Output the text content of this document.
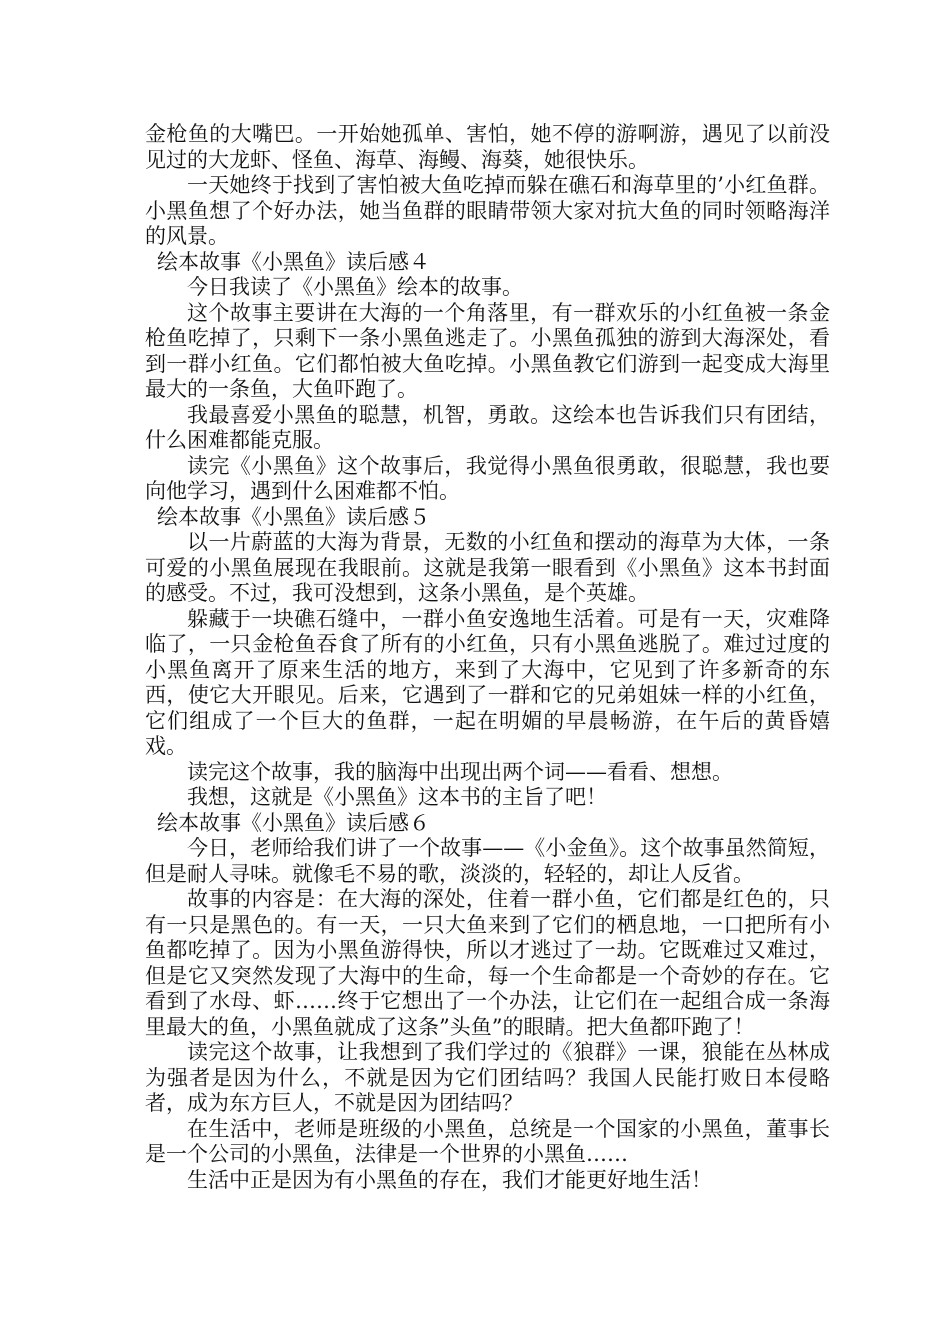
金枪鱼的大嘴巴。一开始她孤单、害怕，她不停的游啊游，遇见了以前没见过的大龙虾、怪鱼、海草、海鳗、海葵，她很快乐。

一天她终于找到了害怕被大鱼吃掉而躲在礁石和海草里的’小红鱼群。小黑鱼想了个好办法，她当鱼群的眼睛带领大家对抗大鱼的同时领略海洋的风景。

绘本故事《小黑鱼》读后感４

今日我读了《小黑鱼》绘本的故事。

这个故事主要讲在大海的一个角落里，有一群欢乐的小红鱼被一条金枪鱼吃掉了，只剩下一条小黑鱼逃走了。小黑鱼孤独的游到大海深处，看到一群小红鱼。它们都怕被大鱼吃掉。小黑鱼教它们游到一起变成大海里最大的一条鱼，大鱼吓跑了。

我最喜爱小黑鱼的聪慧，机智，勇敢。这绘本也告诉我们只有团结，什么困难都能克服。

读完《小黑鱼》这个故事后，我觉得小黑鱼很勇敢，很聪慧，我也要向他学习，遇到什么困难都不怕。

绘本故事《小黑鱼》读后感５

以一片蔚蓝的大海为背景，无数的小红鱼和摆动的海草为大体，一条可爱的小黑鱼展现在我眼前。这就是我第一眼看到《小黑鱼》这本书封面的感受。不过，我可没想到，这条小黑鱼，是个英雄。

躲藏于一块礁石缝中，一群小鱼安逸地生活着。可是有一天，灾难降临了，一只金枪鱼吞食了所有的小红鱼，只有小黑鱼逃脱了。难过过度的小黑鱼离开了原来生活的地方，来到了大海中，它见到了许多新奇的东西，使它大开眼见。后来，它遇到了一群和它的兄弟姐妹一样的小红鱼，它们组成了一个巨大的鱼群，一起在明媚的早晨畅游，在午后的黄昏嬉戏。

读完这个故事，我的脑海中出现出两个词——看看、想想。

我想，这就是《小黑鱼》这本书的主旨了吧！

绘本故事《小黑鱼》读后感６

今日，老师给我们讲了一个故事——《小金鱼》。这个故事虽然简短，但是耐人寻味。就像毛不易的歌，淡淡的，轻轻的，却让人反省。

故事的内容是：在大海的深处，住着一群小鱼，它们都是红色的，只有一只是黑色的。有一天，一只大鱼来到了它们的栖息地，一口把所有小鱼都吃掉了。因为小黑鱼游得快，所以才逃过了一劫。它既难过又难过，但是它又突然发现了大海中的生命，每一个生命都是一个奇妙的存在。它看到了水母、虾……终于它想出了一个办法，让它们在一起组合成一条海里最大的鱼，小黑鱼就成了这条”头鱼”的眼睛。把大鱼都吓跑了！

读完这个故事，让我想到了我们学过的《狼群》一课，狼能在丛林成为强者是因为什么，不就是因为它们团结吗？我国人民能打败日本侵略者，成为东方巨人，不就是因为团结吗？

在生活中，老师是班级的小黑鱼，总统是一个国家的小黑鱼，董事长是一个公司的小黑鱼，法律是一个世界的小黑鱼……

生活中正是因为有小黑鱼的存在，我们才能更好地生活！
